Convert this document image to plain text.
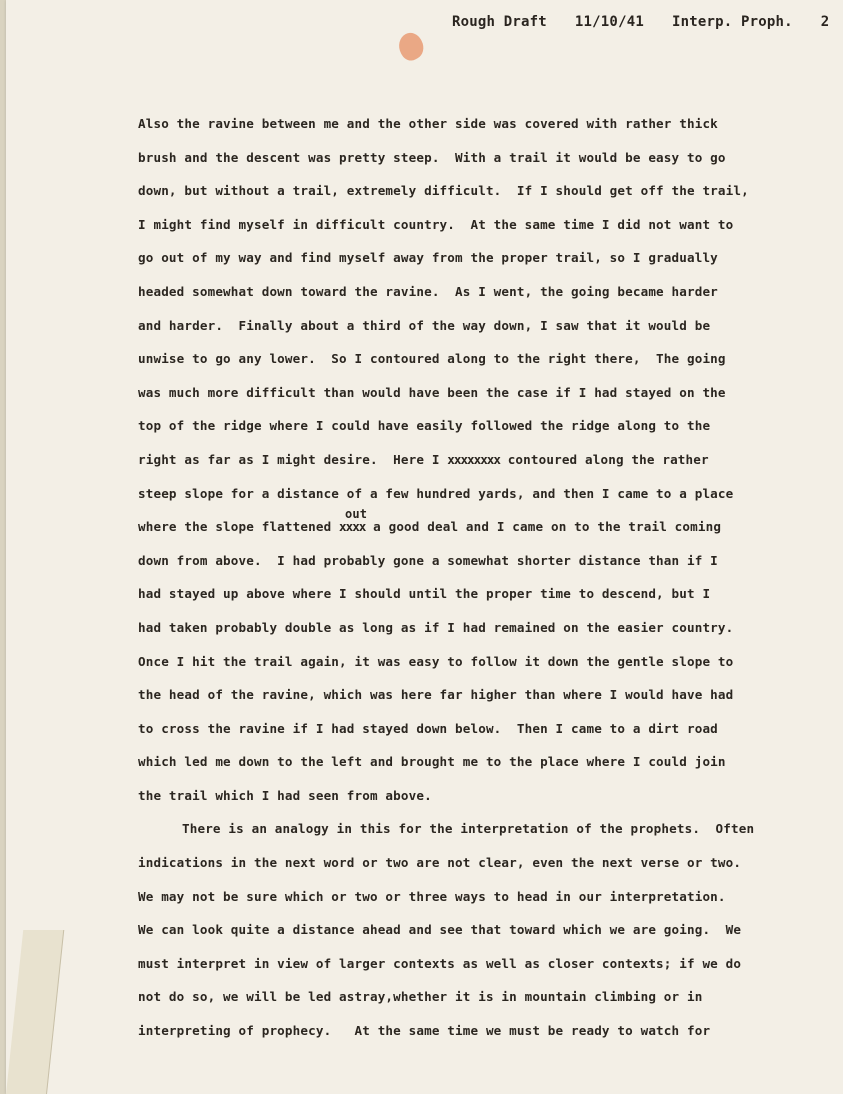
Rough Draft 11/10/41 Interp. Proph. 2
Also the ravine between me and the other side was covered with rather thick
brush and the descent was pretty steep.  With a trail it would be easy to go
down, but without a trail, extremely difficult.  If I should get off the trail,
I might find myself in difficult country.  At the same time I did not want to
go out of my way and find myself away from the proper trail, so I gradually
headed somewhat down toward the ravine.  As I went, the going became harder
and harder.  Finally about a third of the way down, I saw that it would be
unwise to go any lower.  So I contoured along to the right there,  The going
was much more difficult than would have been the case if I had stayed on the
top of the ridge where I could have easily followed the ridge along to the
right as far as I might desire.  Here I xxxxxxxx contoured along the rather
steep slope for a distance of a few hundred yards, and then I came to a place
where the slope flattened xxxx
out
a good deal and I came on to the trail coming
down from above.  I had probably gone a somewhat shorter distance than if I
had stayed up above where I should until the proper time to descend, but I
had taken probably double as long as if I had remained on the easier country.
Once I hit the trail again, it was easy to follow it down the gentle slope to
the head of the ravine, which was here far higher than where I would have had
to cross the ravine if I had stayed down below.  Then I came to a dirt road
which led me down to the left and brought me to the place where I could join
the trail which I had seen from above.
There is an analogy in this for the interpretation of the prophets.  Often
indications in the next word or two are not clear, even the next verse or two.
We may not be sure which or two or three ways to head in our interpretation.
We can look quite a distance ahead and see that toward which we are going.  We
must interpret in view of larger contexts as well as closer contexts; if we do
not do so, we will be led astray,whether it is in mountain climbing or in
interpreting of prophecy.   At the same time we must be ready to watch for
